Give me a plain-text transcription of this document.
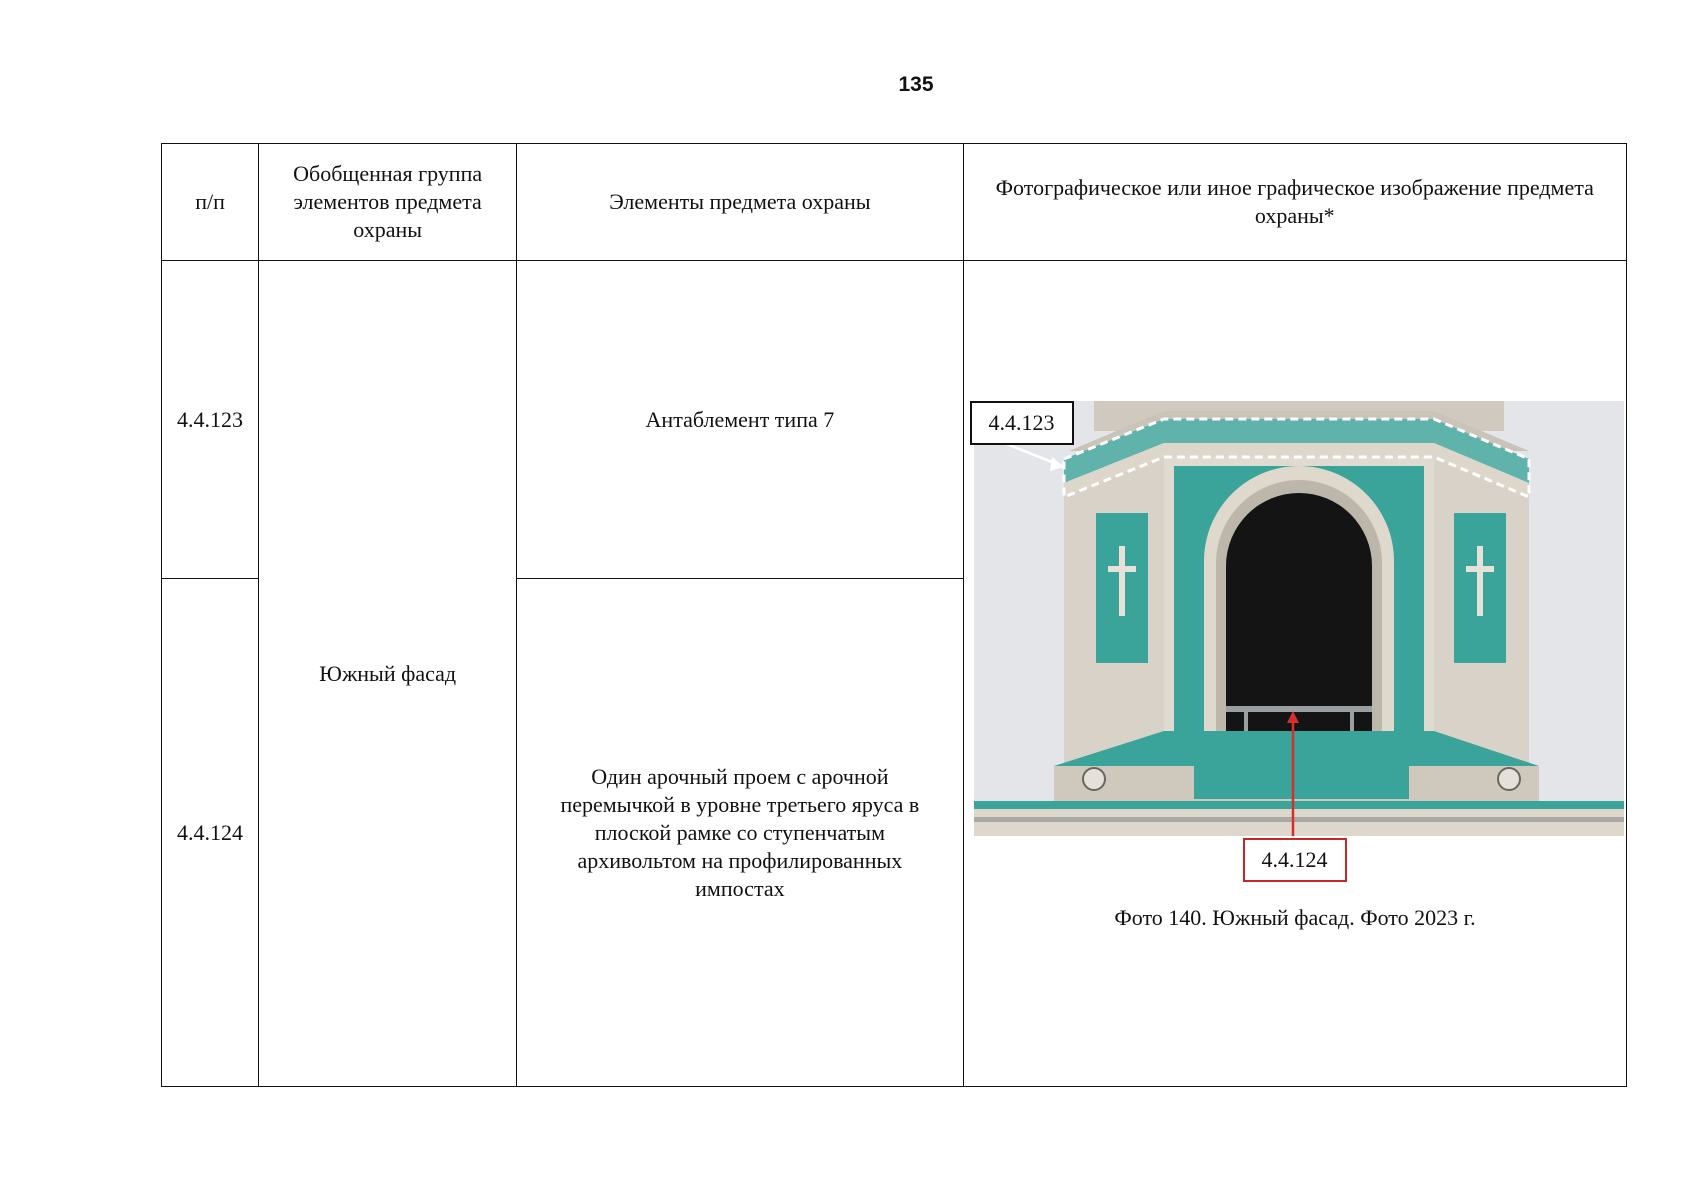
135
п/п	Обобщенная группа элементов предмета охраны	Элементы предмета охраны	Фотографическое или иное графическое изображение предмета охраны*
4.4.123	Южный фасад	Антаблемент типа 7	4.4.123
4.4.124
Фото 140. Южный фасад. Фото 2023 г.

4.4.124		Один арочный проем с арочной перемычкой в уровне третьего яруса в плоской рамке со ступенчатым архивольтом на профилированных импостах	
